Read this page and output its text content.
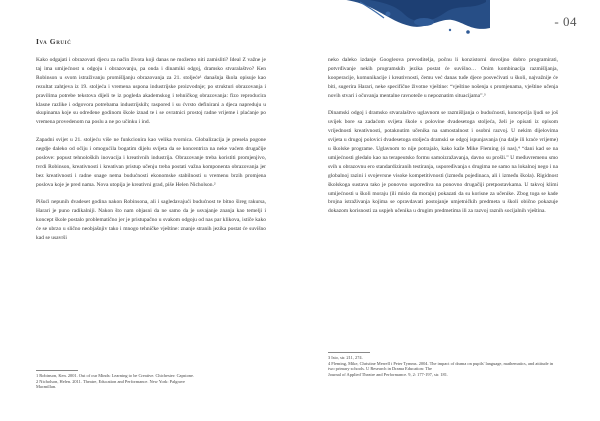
Iva Gruić
- 04

Kako odgajati i obrazovati djecu za način života koji danas ne možemo niti zamisliti? Ideal Z važne je taj ima umijećnost u odgoju i obrazovanju, pa onda i dinamiki odgoj, dramsko stvaralaštvo? Ken Robinson u svom istraživanju promišljanju obrazovanja za 21. stoljeće¹ današnja škola opisuje kao rezultat zahtjeva iz 19. stoljeća i vremena uspona industrijske proizvodnje; po strukturi obrazovanja i pravilima potrebe tekstova dijeli te iz pogleda akademskog i tehničkog obrazovanja: fizo reproducira klasne razlike i odgovora potrebama industrijskih; raspored i su ćvrsto definirani a djeca napreduju u skupinama koje su određene godinom škole iznad te i se ovratnici prostoj radne vrijeme i plaćanje po vremena provedenom na poslu a ne po učinku i ind.

Zapadni svijet u 21. stoljeću više ne funkcionira kao velika tvornica. Globalizacija je presela pogone negdje daleko od očiju i omogućila bogatim dijelu svijeta da se koncentrira na neke vaćem drugačije poslove: popust tehnoloških inovacija i kreativnih industrija. Obrazovanje treba koristiti promjenjivo, tvrdi Robinson, kreativnosti i kreativan pristup učenju treba postati važna komponenta obrazovanja jer bez kreativnosti i radne snage nema budućnosti ekonomske stabilnosti u vremenu brzih promjena poslova koje je pred nama. Nova utopija je kreativni grad, piše Helen Nicholson.²

Pišući nepunih dvadeset godina nakon Robinsona, ali i sagledavajući budućnost te bitno šireg rakursa, Harari je puno radikalniji. Nakon što nam objasni da ne samo da je usvajanje znanja kao temelji i koncept škole postalo problematično jer je pristupačno u svakom odgoju od nas par klikova, ističe kako će se ubrzo u slično neobjašnjiv tako i mnogo tehničke vještine: znanje stranih jezika postat će suvišno kad se usavrši

neko daleko izdanje Googleova prevoditelja, počnu li konzistorni dovoljno dobro programirati, potvrđivanje nekih programskih jezika postat će suvišno… Onim kombinacija razmišljanja, kooperacije, komunikacije i kreativnosti, čemu već danas tuđe djece posvećivati u školi, najvažnije će biti, sugerira Harari, neke specifične životne vještine: “vještine nošenja s promjenama, vještine učenja novih stvari i očuvanja mentalne ravnoteže u nepoznatim situacijama”.³

Dinamski odgoj i dramsko stvaralaštvo uglavnom se razmišljanja o budućnosti, koncepcija ljudi se još uvijek bore sa zadaćom svijeta škole s polovine dvadesetoga stoljeća, želi je opisati iz opisom vrijednosti kreativnosti, potaknutim učenika na samostalnost i osobni razvoj. U nekim dijelovima svijeta u drugoj polovici dvadesetoga stoljeća dramski se odgoj ispunjavanja (na dalje ili kraće vrijeme) u školske programe. Uglavnom to nije potrajalo, kako kaže Mike Fleming (ó nas),⁴ “dani kad se na umijećnosti gledalo kao na terapeutsko formu samoizražavanja, davno su prošli.” U međuvremenu smo svih u obrazovnu ero standardiziranih testiranja, uspoređivanja s drugima ne samo na lokalnoj nego i na globalnoj razini i svojevrsne visoke kompetitivnosti (između pojedinaca, ali i između škola). Rigidnost školskoga sustava tako je ponovno usporediva na ponovno drugačiji pretpostavkama. U takvoj klimi umijećnosti u školi moraju (ili mislo da moraju) pokazati da su korisne za učenike. Zbog toga se kade brojna istraživanja kojima se opravdavati postojanje umjetničkih predmeta u školi obično pokazuje dokazom korisnosti za uspjeh učenika u drugim predmetima ili za razvoj raznih socijalnih vještina.

1 Robinson, Ken. 2001. Out of our Minds: Learning to be Creative. Chichester: Capstone.
2 Nicholson, Helen. 2011. Theatre, Education and Performance. New York: Palgrave
Macmillan.
3 Isto, str. 211, 274.
4 Fleming, Mike, Christine Merrell i Peter Tymms. 2004. The impact of drama on pupils' language, mathematics, and attitude in two primary schools. U Research in Drama Education: The
Journal of Applied Theatre and Performance. 9, 2: 177-197, str. 181.
